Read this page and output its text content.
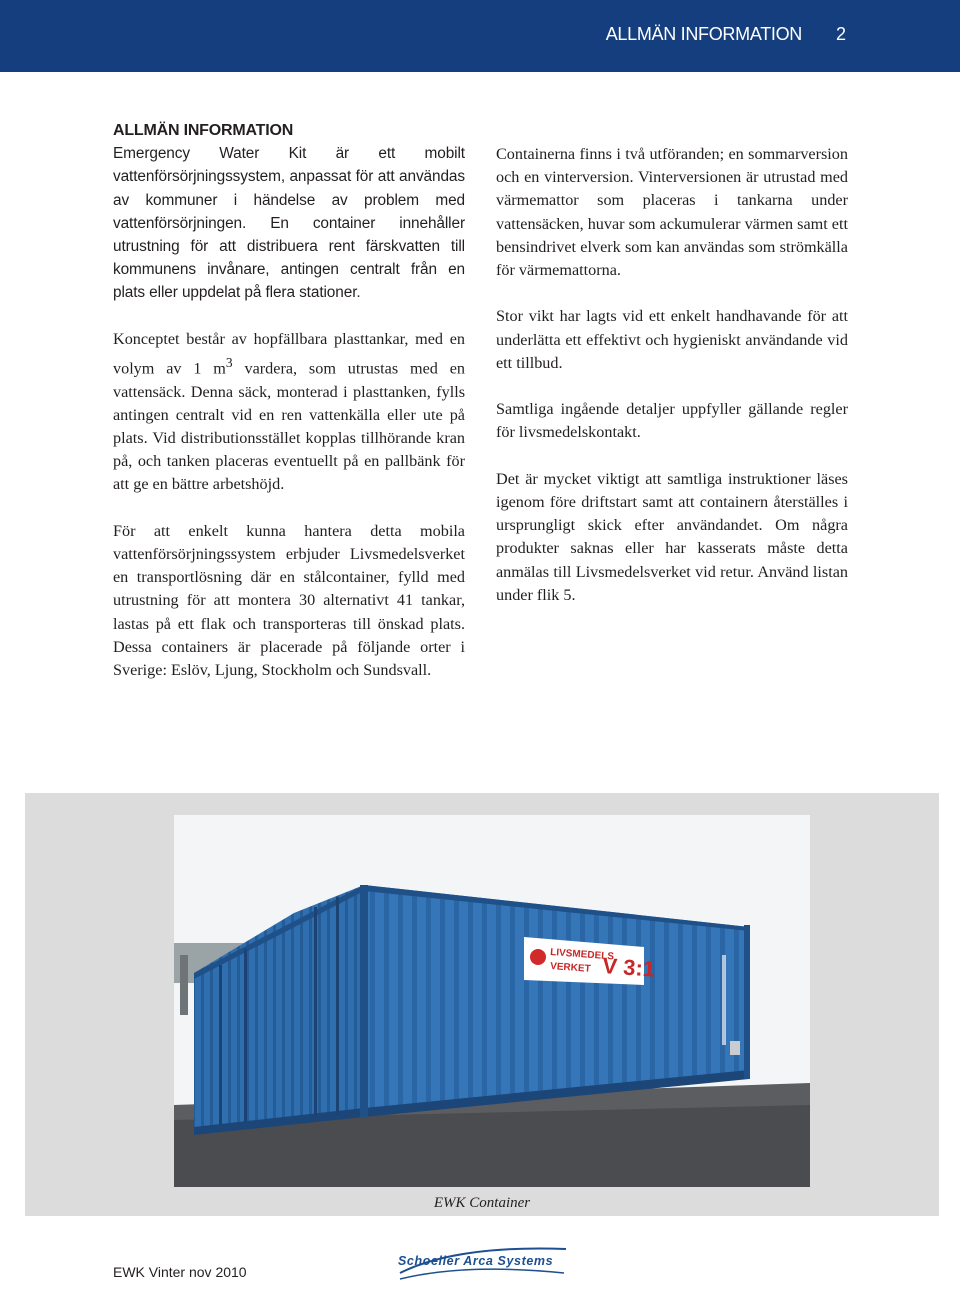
ALLMÄN INFORMATION 2
ALLMÄN INFORMATION

Emergency Water Kit är ett mobilt vattenförsörjningssystem, anpassat för att användas av kommuner i händelse av problem med vattenförsörjningen. En container innehåller utrustning för att distribuera rent färskvatten till kommunens invånare, antingen centralt från en plats eller uppdelat på flera stationer.

Konceptet består av hopfällbara plasttankar, med en volym av 1 $m^3$ vardera, som utrustas med en vattensäck. Denna säck, monterad i plasttanken, fylls antingen centralt vid en ren vattenkälla eller ute på plats. Vid distributionsstället kopplas tillhörande kran på, och tanken placeras eventuellt på en pallbänk för att ge en bättre arbetshöjd.

För att enkelt kunna hantera detta mobila vattenförsörjningssystem erbjuder Livsmedelsverket en transportlösning där en stålcontainer, fylld med utrustning för att montera 30 alternativt 41 tankar, lastas på ett flak och transporteras till önskad plats. Dessa containers är placerade på följande orter i Sverige: Eslöv, Ljung, Stockholm och Sundsvall.

Containerna finns i två utföranden; en sommarversion och en vinterversion. Vinterversionen är utrustad med värmemattor som placeras i tankarna under vattensäcken, huvar som ackumulerar värmen samt ett bensindrivet elverk som kan användas som strömkälla för värmemattorna.

Stor vikt har lagts vid ett enkelt handhavande för att underlätta ett effektivt och hygieniskt användande vid ett tillbud.

Samtliga ingående detaljer uppfyller gällande regler för livsmedelskontakt.

Det är mycket viktigt att samtliga instruktioner läses igenom före driftstart samt att containern återställes i ursprungligt skick efter användandet. Om några produkter saknas eller har kasserats måste detta anmälas till Livsmedelsverket vid retur. Använd listan under flik 5.

LIVSMEDELS
VERKET V 3:1
EWK Container
EWK Vinter nov 2010
Schoeller Arca Systems
